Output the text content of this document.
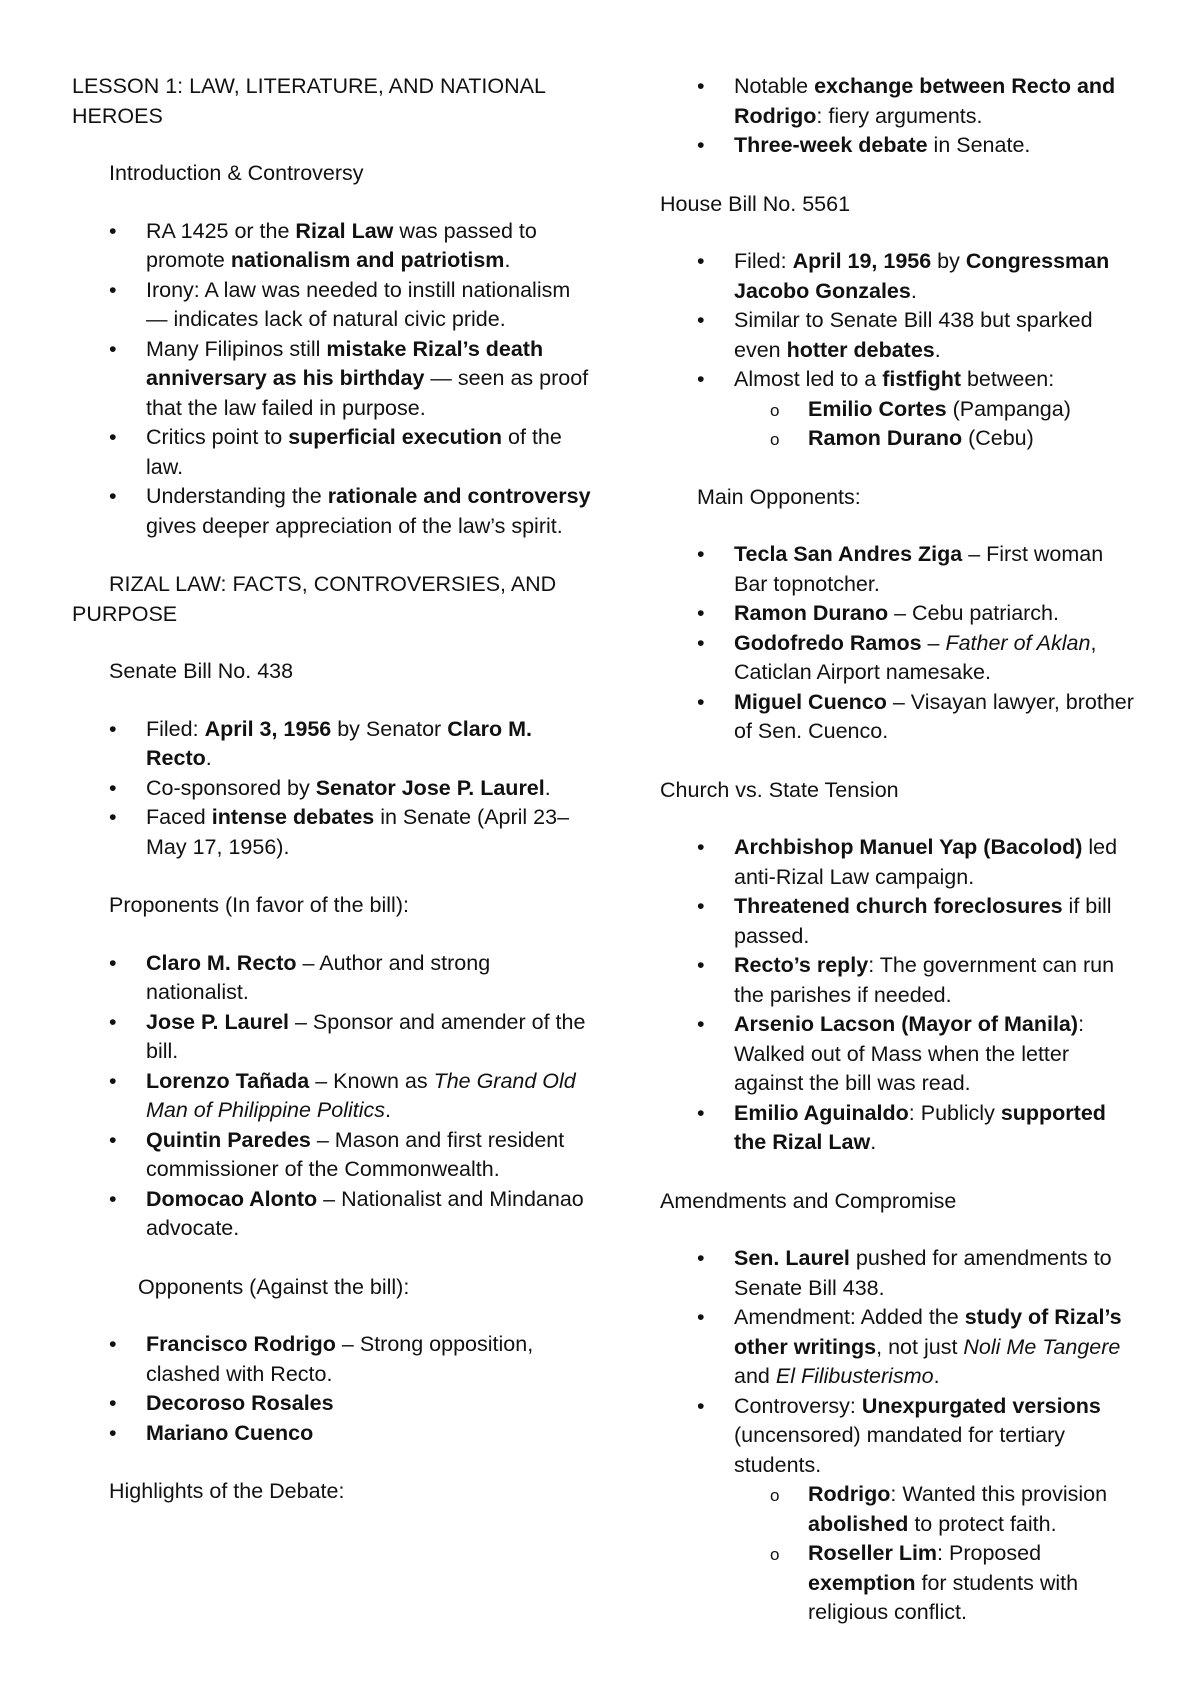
LESSON 1: LAW, LITERATURE, AND NATIONAL HEROES

Introduction & Controversy

•	RA 1425 or the Rizal Law was passed to promote nationalism and patriotism.
•	Irony: A law was needed to instill nationalism — indicates lack of natural civic pride.
•	Many Filipinos still mistake Rizal’s death anniversary as his birthday — seen as proof that the law failed in purpose.
•	Critics point to superficial execution of the law.
•	Understanding the rationale and controversy gives deeper appreciation of the law’s spirit.

RIZAL LAW: FACTS, CONTROVERSIES, AND PURPOSE

Senate Bill No. 438

•	Filed: April 3, 1956 by Senator Claro M. Recto.
•	Co-sponsored by Senator Jose P. Laurel.
•	Faced intense debates in Senate (April 23–May 17, 1956).

Proponents (In favor of the bill):

•	Claro M. Recto – Author and strong nationalist.
•	Jose P. Laurel – Sponsor and amender of the bill.
•	Lorenzo Tañada – Known as The Grand Old Man of Philippine Politics.
•	Quintin Paredes – Mason and first resident commissioner of the Commonwealth.
•	Domocao Alonto – Nationalist and Mindanao advocate.

Opponents (Against the bill):

•	Francisco Rodrigo – Strong opposition, clashed with Recto.
•	Decoroso Rosales
•	Mariano Cuenco

Highlights of the Debate:

•	Notable exchange between Recto and Rodrigo: fiery arguments.
•	Three-week debate in Senate.

House Bill No. 5561

•	Filed: April 19, 1956 by Congressman Jacobo Gonzales.
•	Similar to Senate Bill 438 but sparked even hotter debates.
•	Almost led to a fistfight between:
o Emilio Cortes (Pampanga)
o Ramon Durano (Cebu)

Main Opponents:

•	Tecla San Andres Ziga – First woman Bar topnotcher.
•	Ramon Durano – Cebu patriarch.
•	Godofredo Ramos – Father of Aklan, Caticlan Airport namesake.
•	Miguel Cuenco – Visayan lawyer, brother of Sen. Cuenco.

Church vs. State Tension

•	Archbishop Manuel Yap (Bacolod) led anti-Rizal Law campaign.
•	Threatened church foreclosures if bill passed.
•	Recto’s reply: The government can run the parishes if needed.
•	Arsenio Lacson (Mayor of Manila): Walked out of Mass when the letter against the bill was read.
•	Emilio Aguinaldo: Publicly supported the Rizal Law.

Amendments and Compromise

•	Sen. Laurel pushed for amendments to Senate Bill 438.
•	Amendment: Added the study of Rizal’s other writings, not just Noli Me Tangere and El Filibusterismo.
•	Controversy: Unexpurgated versions (uncensored) mandated for tertiary students.
o Rodrigo: Wanted this provision abolished to protect faith.
o Roseller Lim: Proposed exemption for students with religious conflict.
